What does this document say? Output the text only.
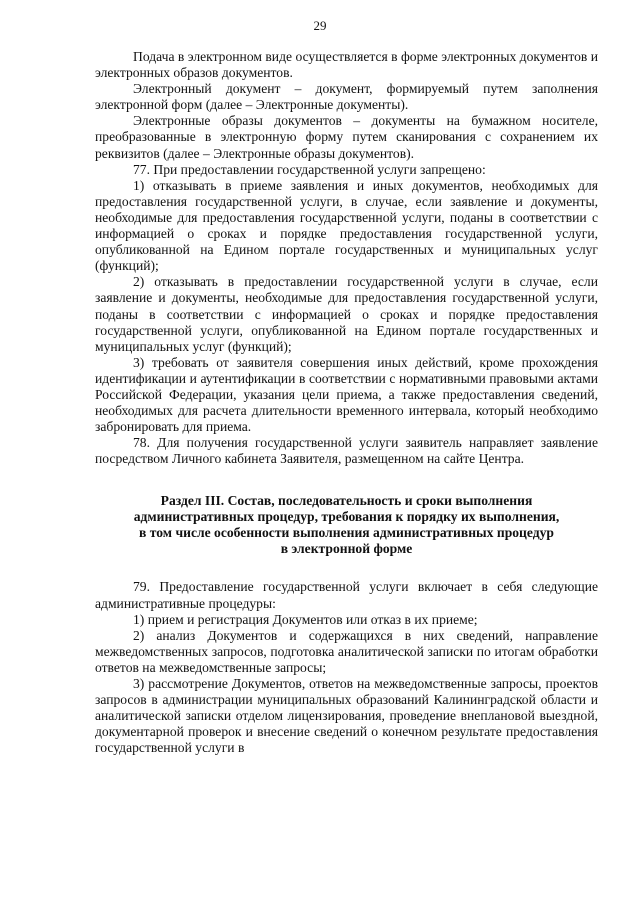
29

Подача в электронном виде осуществляется в форме электронных документов и электронных образов документов.

Электронный документ – документ, формируемый путем заполнения электронной форм (далее – Электронные документы).

Электронные образы документов – документы на бумажном носителе, преобразованные в электронную форму путем сканирования с сохранением их реквизитов (далее – Электронные образы документов).

77. При предоставлении государственной услуги запрещено:

1) отказывать в приеме заявления и иных документов, необходимых для предоставления государственной услуги, в случае, если заявление и документы, необходимые для предоставления государственной услуги, поданы в соответствии с информацией о сроках и порядке предоставления государственной услуги, опубликованной на Едином портале государственных и муниципальных услуг (функций);

2) отказывать в предоставлении государственной услуги в случае, если заявление и документы, необходимые для предоставления государственной услуги, поданы в соответствии с информацией о сроках и порядке предоставления государственной услуги, опубликованной на Едином портале государственных и муниципальных услуг (функций);

3) требовать от заявителя совершения иных действий, кроме прохождения идентификации и аутентификации в соответствии с нормативными правовыми актами Российской Федерации, указания цели приема, а также предоставления сведений, необходимых для расчета длительности временного интервала, который необходимо забронировать для приема.

78. Для получения государственной услуги заявитель направляет заявление посредством Личного кабинета Заявителя, размещенном на сайте Центра.

Раздел III. Состав, последовательность и сроки выполнения
административных процедур, требования к порядку их выполнения,
в том числе особенности выполнения административных процедур
в электронной форме

79. Предоставление государственной услуги включает в себя следующие административные процедуры:

1) прием и регистрация Документов или отказ в их приеме;

2) анализ Документов и содержащихся в них сведений, направление межведомственных запросов, подготовка аналитической записки по итогам обработки ответов на межведомственные запросы;

3) рассмотрение Документов, ответов на межведомственные запросы, проектов запросов в администрации муниципальных образований Калининградской области и аналитической записки отделом лицензирования, проведение внеплановой выездной, документарной проверок и внесение сведений о конечном результате предоставления государственной услуги в
